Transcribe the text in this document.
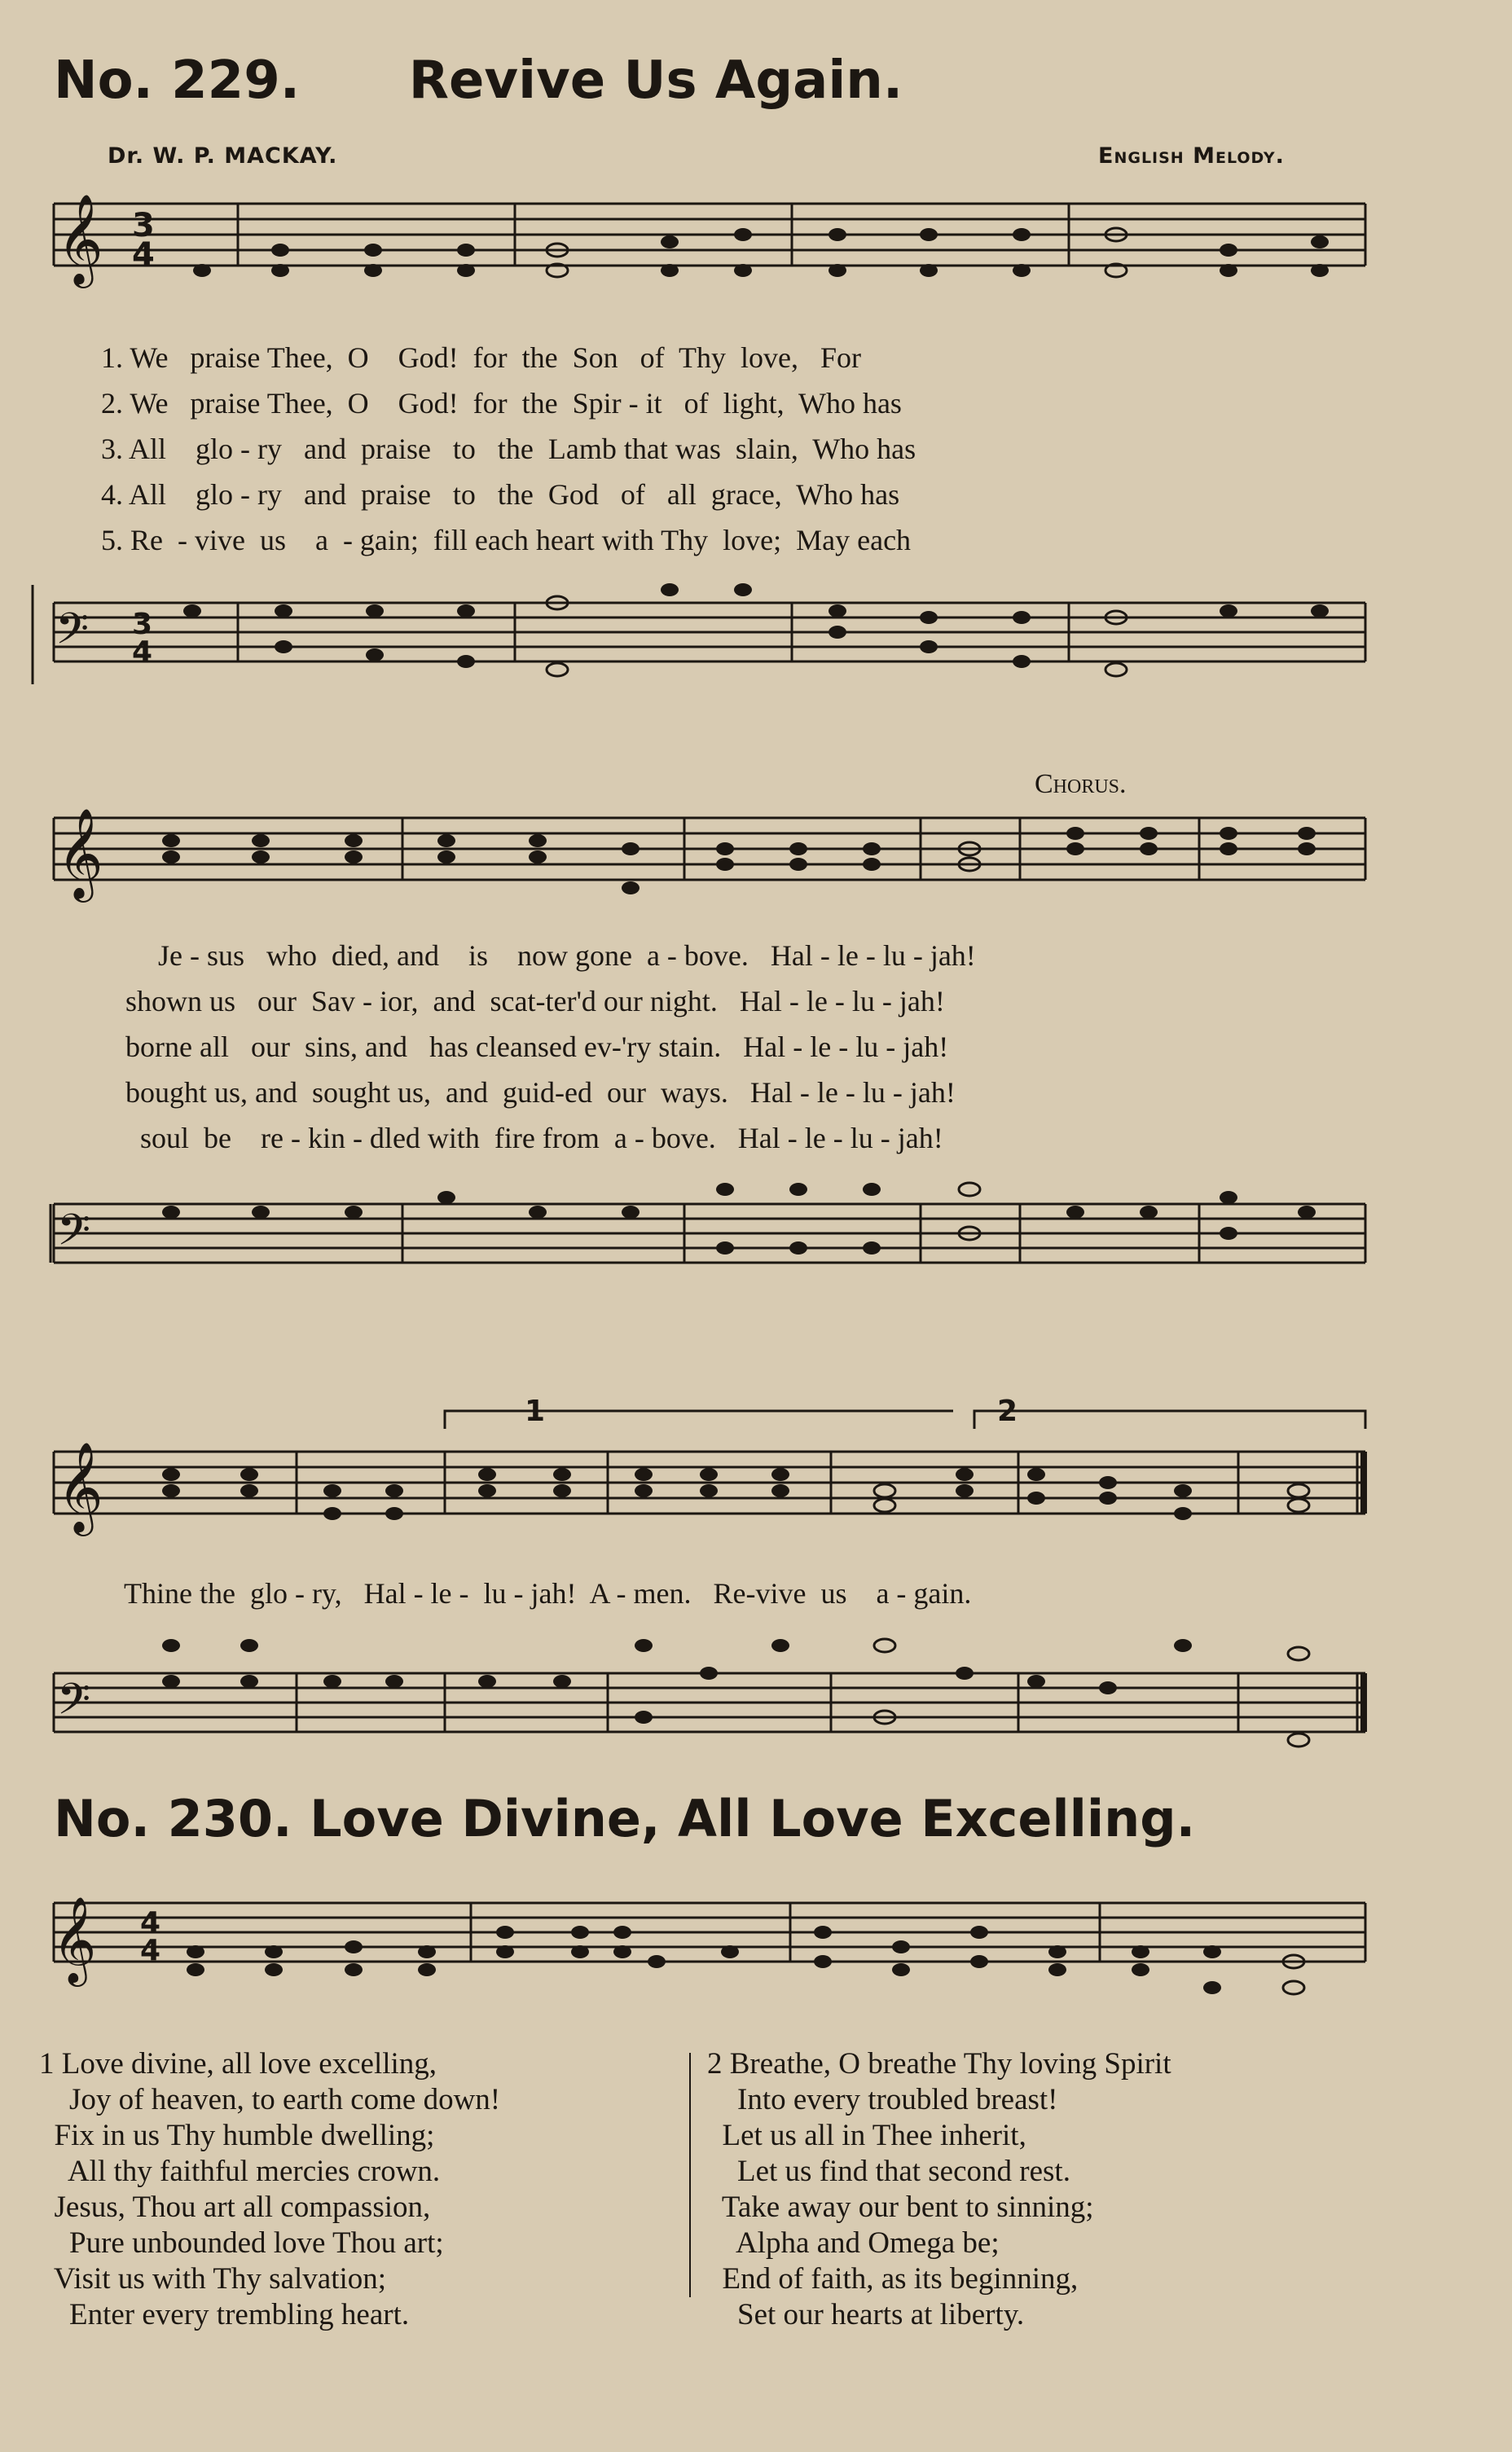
No. 229.      Revive Us Again.
Dr. W. P. MACKAY.	English Melody.
𝄞 3
4
1. We   praise Thee,  O    God!  for  the  Son   of  Thy  love,   For
2. We   praise Thee,  O    God!  for  the  Spir - it   of  light,  Who has
3. All    glo - ry   and  praise   to   the  Lamb that was  slain,  Who has
4. All    glo - ry   and  praise   to   the  God   of   all  grace,  Who has
5. Re  - vive  us    a  - gain;  fill each heart with Thy  love;  May each
𝄢 3
4
Chorus.
𝄞
Je - sus   who  died, and    is    now gone  a - bove.   Hal - le - lu - jah!
shown us   our  Sav - ior,  and  scat-ter'd our night.   Hal - le - lu - jah!
borne all   our  sins, and   has cleansed ev-'ry stain.   Hal - le - lu - jah!
bought us, and  sought us,  and  guid-ed  our  ways.   Hal - le - lu - jah!
soul  be    re - kin - dled with  fire from  a - bove.   Hal - le - lu - jah!
𝄢
1	2
𝄞
Thine the  glo - ry,   Hal - le -  lu - jah!  A - men.   Re-vive  us    a - gain.
𝄢
No. 230. Love Divine, All Love Excelling.
𝄞 4
4
1 Love divine, all love excelling,
Joy of heaven, to earth come down!
Fix in us Thy humble dwelling;
All thy faithful mercies crown.
Jesus, Thou art all compassion,
Pure unbounded love Thou art;
Visit us with Thy salvation;
Enter every trembling heart.
2 Breathe, O breathe Thy loving Spirit
Into every troubled breast!
Let us all in Thee inherit,
Let us find that second rest.
Take away our bent to sinning;
Alpha and Omega be;
End of faith, as its beginning,
Set our hearts at liberty.
